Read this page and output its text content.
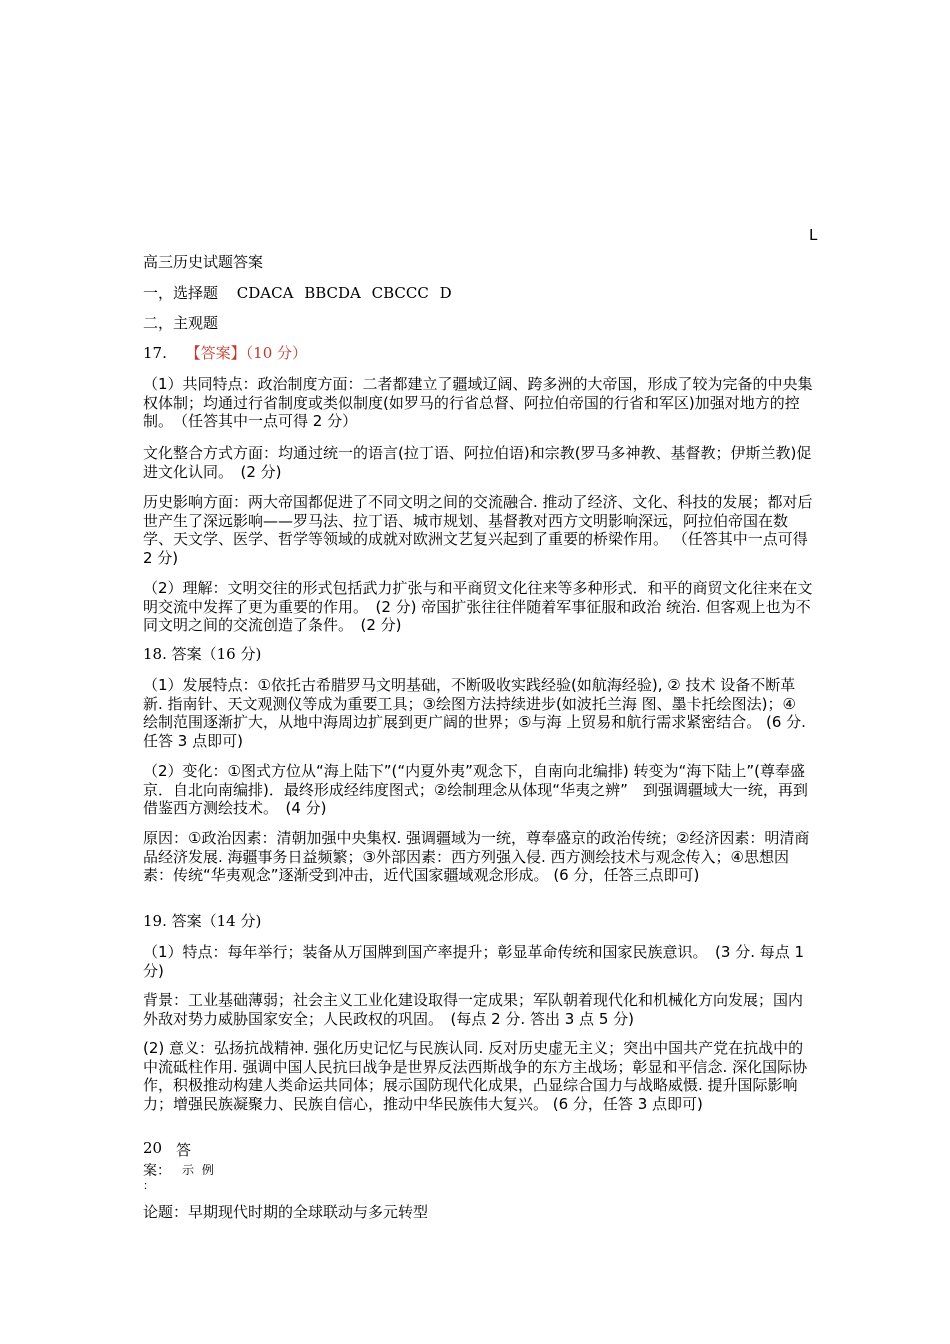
L
高三历史试题答案
一，选择题 CDACA BBCDA CBCCC D
二，主观题
17. 【答案】（10 分）
（1）共同特点：政治制度方面：二者都建立了疆域辽阔、跨多洲的大帝国，形成了较为完备的中央集权体制；均通过行省制度或类似制度(如罗马的行省总督、阿拉伯帝国的行省和军区)加强对地方的控制。　（任答其中一点可得 2 分）
文化整合方式方面：均通过统一的语言(拉丁语、阿拉伯语)和宗教(罗马多神教、基督教；伊斯兰教)促进文化认同。　(2 分)
历史影响方面：两大帝国都促进了不同文明之间的交流融合. 推动了经济、文化、科技的发展；都对后世产生了深远影响——罗马法、拉丁语、城市规划、基督教对西方文明影响深远，阿拉伯帝国在数学、天文学、医学、哲学等领域的成就对欧洲文艺复兴起到了重要的桥梁作用。 （任答其中一点可得 2 分)
（2）理解：文明交往的形式包括武力扩张与和平商贸文化往来等多种形式．和平的商贸文化往来在文明交流中发挥了更为重要的作用。　(2 分) 帝国扩张往往伴随着军事征服和政治 统治. 但客观上也为不同文明之间的交流创造了条件。　(2 分)
18. 答案（16 分)
（1）发展特点：①依托古希腊罗马文明基础，不断吸收实践经验(如航海经验), ② 技术 设备不断革新. 指南针、天文观测仪等成为重要工具；③绘图方法持续进步(如波托兰海 图、墨卡托绘图法)；④ 绘制范围逐渐扩大，从地中海周边扩展到更广阔的世界；⑤与海 上贸易和航行需求紧密结合。 (6 分. 任答 3 点即可)
（2）变化：①图式方位从“海上陆下”(“内夏外夷”观念下，自南向北编排) 转变为“海下陆上”(尊奉盛京．自北向南编排)．最终形成经纬度图式；②绘制理念从体现“华夷之辨”　到强调疆域大一统，再到借鉴西方测绘技术。　(4 分)
原因：①政治因素：清朝加强中央集权. 强调疆域为一统，尊奉盛京的政治传统；②经济因素：明清商品经济发展. 海疆事务日益频繁；③外部因素：西方列强入侵. 西方测绘技术与观念传入；④思想因素：传统“华夷观念”逐渐受到冲击，近代国家疆域观念形成。 (6 分，任答三点即可)
19. 答案（14 分)
（1）特点：每年举行；装备从万国牌到国产率提升；彰显革命传统和国家民族意识。　(3 分. 每点 1 分)
背景：工业基础薄弱；社会主义工业化建设取得一定成果；军队朝着现代化和机械化方向发展；国内外敌对势力威胁国家安全；人民政权的巩固。　(每点 2 分. 答出 3 点 5 分)
(2) 意义：弘扬抗战精神. 强化历史记忆与民族认同. 反对历史虚无主义；突出中国共产党在抗战中的中流砥柱作用. 强调中国人民抗曰战争是世界反法西斯战争的东方主战场；彰显和平信念. 深化国际协作，积极推动构建人类命运共同体；展示国防现代化成果，凸显综合国力与战略威慑. 提升国际影响力；增强民族凝聚力、民族自信心，推动中华民族伟大复兴。 (6 分，任答 3 点即可)
20 答
案： 示 例
：
论题：早期现代时期的全球联动与多元转型
